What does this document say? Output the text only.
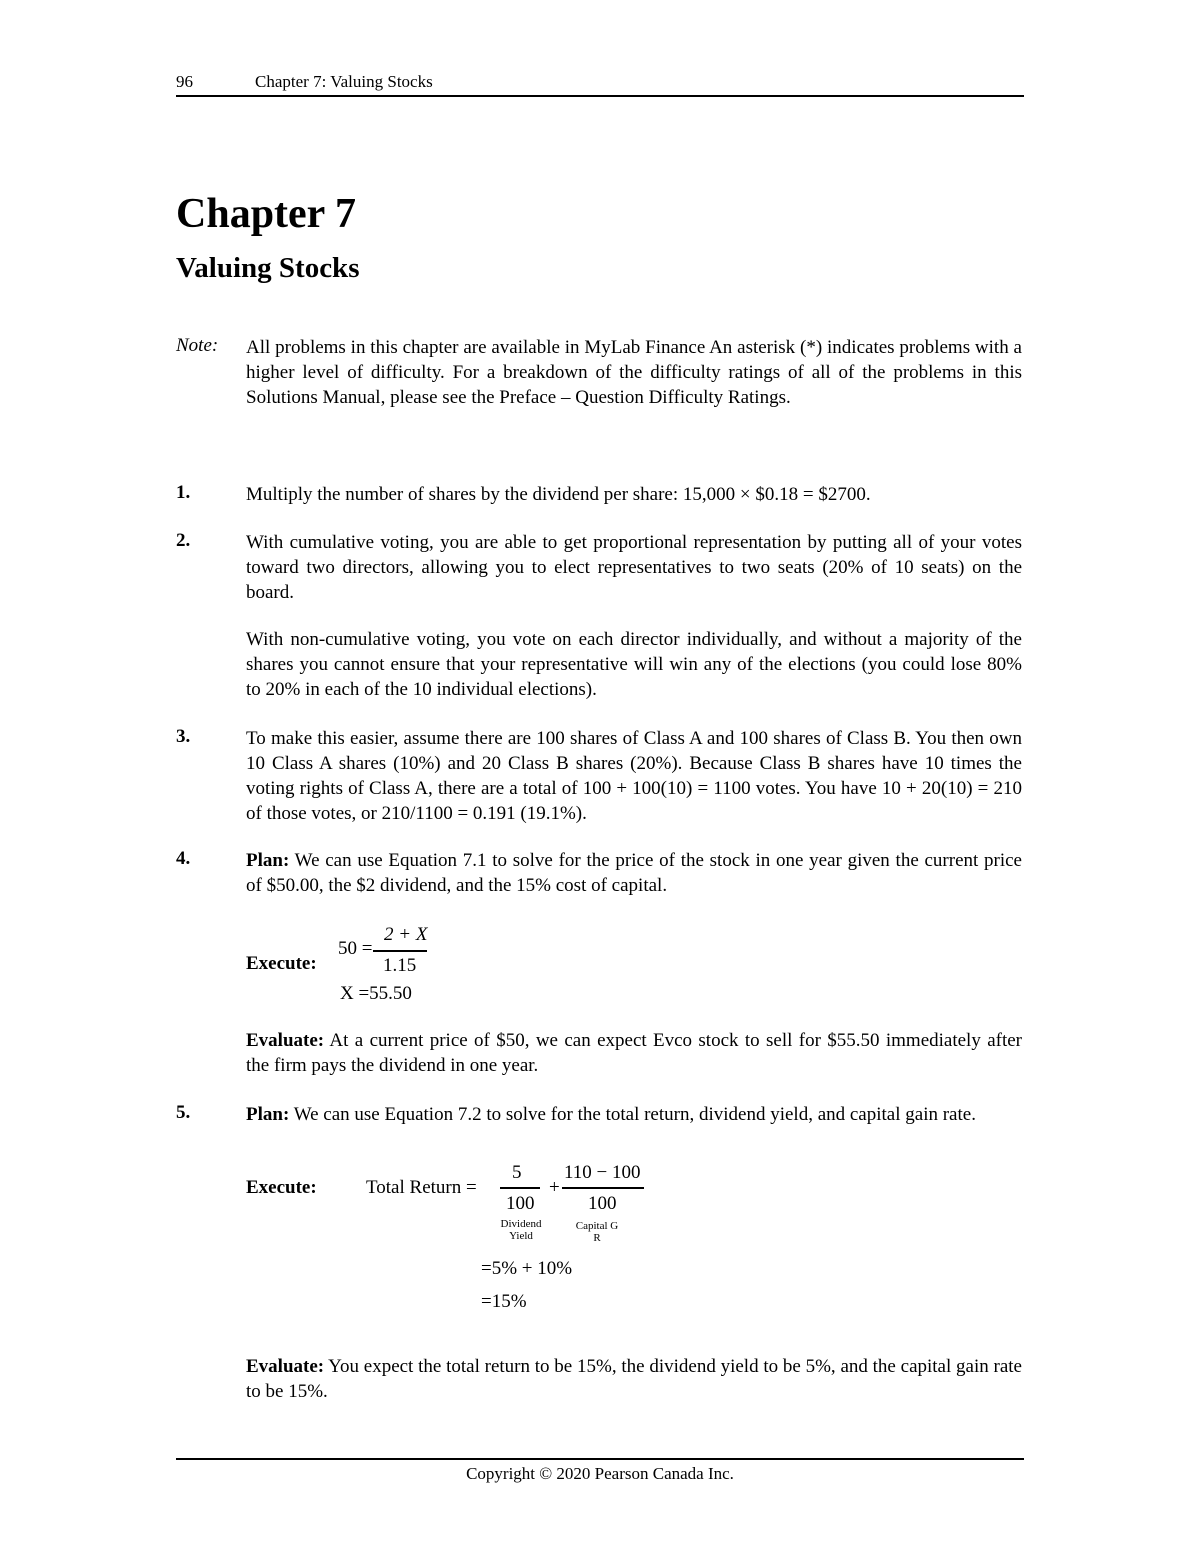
96	Chapter 7: Valuing Stocks
Chapter 7
Valuing Stocks
Note: All problems in this chapter are available in MyLab Finance An asterisk (*) indicates problems with a higher level of difficulty. For a breakdown of the difficulty ratings of all of the problems in this Solutions Manual, please see the Preface – Question Difficulty Ratings.
1.	Multiply the number of shares by the dividend per share: 15,000 × $0.18 = $2700.
2.	With cumulative voting, you are able to get proportional representation by putting all of your votes toward two directors, allowing you to elect representatives to two seats (20% of 10 seats) on the board.
With non-cumulative voting, you vote on each director individually, and without a majority of the shares you cannot ensure that your representative will win any of the elections (you could lose 80% to 20% in each of the 10 individual elections).
3.	To make this easier, assume there are 100 shares of Class A and 100 shares of Class B. You then own 10 Class A shares (10%) and 20 Class B shares (20%). Because Class B shares have 10 times the voting rights of Class A, there are a total of 100 + 100(10) = 1100 votes. You have 10 + 20(10) = 210 of those votes, or 210/1100 = 0.191 (19.1%).
4.	Plan: We can use Equation 7.1 to solve for the price of the stock in one year given the current price of $50.00, the $2 dividend, and the 15% cost of capital.
Execute:
50 =
2 + X
1.15
X =55.50
Evaluate: At a current price of $50, we can expect Evco stock to sell for $55.50 immediately after the firm pays the dividend in one year.
5.	Plan: We can use Equation 7.2 to solve for the total return, dividend yield, and capital gain rate.
Execute:	Total Return =
5
100
+
110 − 100
100
Dividend
Yield
Capital G
R
=5% + 10%
=15%
Evaluate: You expect the total return to be 15%, the dividend yield to be 5%, and the capital gain rate to be 15%.
Copyright © 2020 Pearson Canada Inc.
